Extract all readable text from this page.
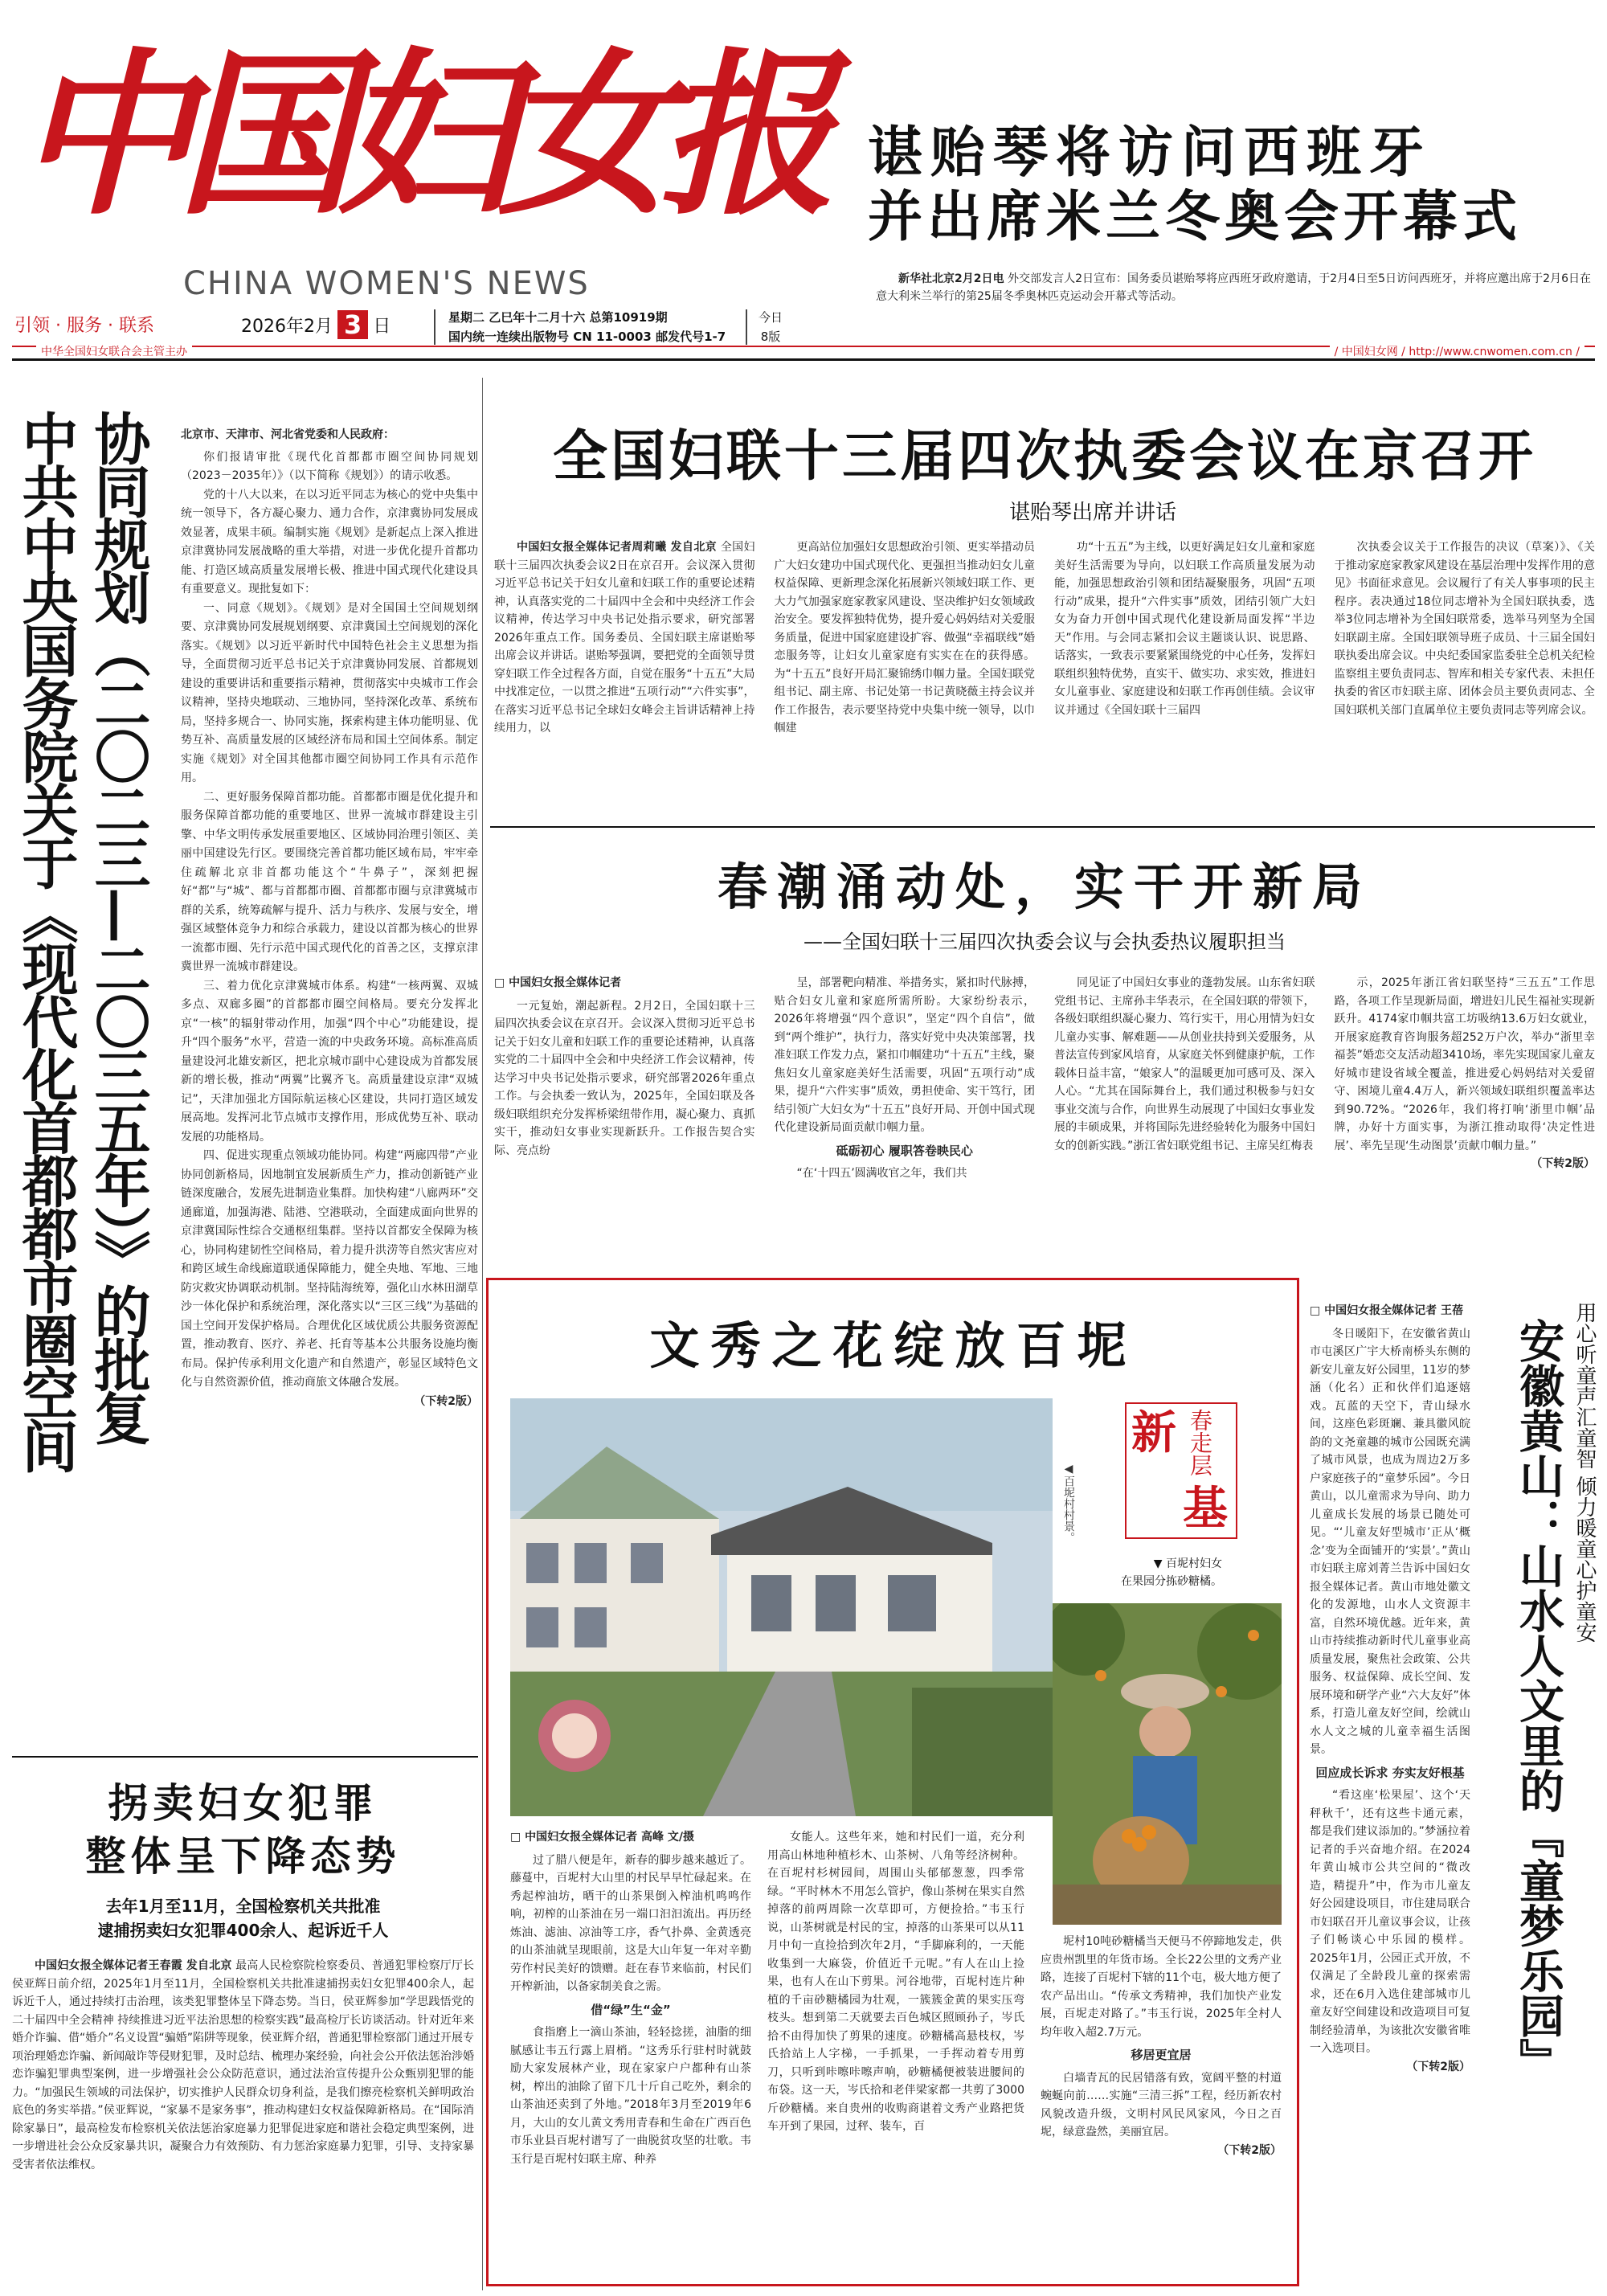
中国妇女报
CHINA WOMEN'S NEWS
引领 · 服务 · 联系	2026年2月 3 日	星期二 乙巳年十二月十六 总第10919期
国内统一连续出版物号 CN 11-0003 邮发代号1-7
今日
8版
中华全国妇女联合会主管主办	/ 中国妇女网 / http://www.cnwomen.com.cn /
谌贻琴将访问西班牙
并出席米兰冬奥会开幕式
新华社北京2月2日电 外交部发言人2日宣布：国务委员谌贻琴将应西班牙政府邀请，于2月4日至5日访问西班牙，并将应邀出席于2月6日在意大利米兰举行的第25届冬季奥林匹克运动会开幕式等活动。
中共中央国务院关于《现代化首都都市圈空间 协同规划（二〇二三—二〇三五年）》的批复	北京市、天津市、河北省党委和人民政府：

你们报请审批《现代化首都都市圈空间协同规划（2023－2035年）》（以下简称《规划》）的请示收悉。

党的十八大以来，在以习近平同志为核心的党中央集中统一领导下，各方凝心聚力、通力合作，京津冀协同发展成效显著，成果丰硕。编制实施《规划》是新起点上深入推进京津冀协同发展战略的重大举措，对进一步优化提升首都功能、打造区域高质量发展增长极、推进中国式现代化建设具有重要意义。现批复如下：

一、同意《规划》。《规划》是对全国国土空间规划纲要、京津冀协同发展规划纲要、京津冀国土空间规划的深化落实。《规划》以习近平新时代中国特色社会主义思想为指导，全面贯彻习近平总书记关于京津冀协同发展、首都规划建设的重要讲话和重要指示精神，贯彻落实中央城市工作会议精神，坚持央地联动、三地协同，坚持深化改革、系统布局，坚持多规合一、协同实施，探索构建主体功能明显、优势互补、高质量发展的区域经济布局和国土空间体系。制定实施《规划》对全国其他都市圈空间协同工作具有示范作用。

二、更好服务保障首都功能。首都都市圈是优化提升和服务保障首都功能的重要地区、世界一流城市群建设主引擎、中华文明传承发展重要地区、区域协同治理引领区、美丽中国建设先行区。要围绕完善首都功能区域布局，牢牢牵住疏解北京非首都功能这个“牛鼻子”，深刻把握好“都”与“城”、都与首都都市圈、首都都市圈与京津冀城市群的关系，统筹疏解与提升、活力与秩序、发展与安全，增强区域整体竞争力和综合承载力，建设以首都为核心的世界一流都市圈、先行示范中国式现代化的首善之区，支撑京津冀世界一流城市群建设。

三、着力优化京津冀城市体系。构建“一核两翼、双城多点、双廊多圈”的首都都市圈空间格局。要充分发挥北京“一核”的辐射带动作用，加强“四个中心”功能建设，提升“四个服务”水平，营造一流的中央政务环境。高标准高质量建设河北雄安新区，把北京城市副中心建设成为首都发展新的增长极，推动“两翼”比翼齐飞。高质量建设京津“双城记”，天津加强北方国际航运核心区建设，共同打造区域发展高地。发挥河北节点城市支撑作用，形成优势互补、联动发展的功能格局。

四、促进实现重点领域功能协同。构建“两廊四带”产业协同创新格局，因地制宜发展新质生产力，推动创新链产业链深度融合，发展先进制造业集群。加快构建“八廊两环”交通廊道，加强海港、陆港、空港联动，全面建成面向世界的京津冀国际性综合交通枢纽集群。坚持以首都安全保障为核心，协同构建韧性空间格局，着力提升洪涝等自然灾害应对和跨区域生命线廊道联通保障能力，健全央地、军地、三地防灾救灾协调联动机制。坚持陆海统筹，强化山水林田湖草沙一体化保护和系统治理，深化落实以“三区三线”为基础的国土空间开发保护格局。合理优化区域优质公共服务资源配置，推动教育、医疗、养老、托育等基本公共服务设施均衡布局。保护传承利用文化遗产和自然遗产，彰显区域特色文化与自然资源价值，推动商旅文体融合发展。

（下转2版）
全国妇联十三届四次执委会议在京召开
谌贻琴出席并讲话

中国妇女报全媒体记者周莉曦 发自北京 全国妇联十三届四次执委会议2日在京召开。会议深入贯彻习近平总书记关于妇女儿童和妇联工作的重要论述精神，认真落实党的二十届四中全会和中央经济工作会议精神，传达学习中央书记处指示要求，研究部署2026年重点工作。国务委员、全国妇联主席谌贻琴出席会议并讲话。谌贻琴强调，要把党的全面领导贯穿妇联工作全过程各方面，自觉在服务“十五五”大局中找准定位，一以贯之推进“五项行动”“六件实事”，在落实习近平总书记全球妇女峰会主旨讲话精神上持续用力，以

更高站位加强妇女思想政治引领、更实举措动员广大妇女建功中国式现代化、更强担当推动妇女儿童权益保障、更新理念深化拓展新兴领域妇联工作、更大力气加强家庭家教家风建设、坚决维护妇女领域政治安全。要发挥独特优势，提升爱心妈妈结对关爱服务质量，促进中国家庭建设扩容、做强“幸福联线”婚恋服务等，让妇女儿童家庭有实实在在的获得感。为“十五五”良好开局汇聚锦绣巾帼力量。全国妇联党组书记、副主席、书记处第一书记黄晓薇主持会议并作工作报告，表示要坚持党中央集中统一领导，以巾帼建

功“十五五”为主线，以更好满足妇女儿童和家庭美好生活需要为导向，以妇联工作高质量发展为动能，加强思想政治引领和团结凝聚服务，巩固“五项行动”成果，提升“六件实事”质效，团结引领广大妇女为奋力开创中国式现代化建设新局面发挥“半边天”作用。与会同志紧扣会议主题谈认识、说思路、话落实，一致表示要紧紧围绕党的中心任务，发挥妇联组织独特优势，直实干、做实功、求实效，推进妇女儿童事业、家庭建设和妇联工作再创佳绩。会议审议并通过《全国妇联十三届四

次执委会议关于工作报告的决议（草案）》、《关于推动家庭家教家风建设在基层治理中发挥作用的意见》书面征求意见。会议履行了有关人事事项的民主程序。表决通过18位同志增补为全国妇联执委，选举3位同志增补为全国妇联常委，选举马列坚为全国妇联副主席。全国妇联领导班子成员、十三届全国妇联执委出席会议。中央纪委国家监委驻全总机关纪检监察组主要负责同志、智库和相关专家代表、未担任执委的省区市妇联主席、团体会员主要负责同志、全国妇联机关部门直属单位主要负责同志等列席会议。

春潮涌动处，实干开新局
——全国妇联十三届四次执委会议与会执委热议履职担当
□ 中国妇女报全媒体记者

一元复始，潮起新程。2月2日，全国妇联十三届四次执委会议在京召开。会议深入贯彻习近平总书记关于妇女儿童和妇联工作的重要论述精神，认真落实党的二十届四中全会和中央经济工作会议精神，传达学习中央书记处指示要求，研究部署2026年重点工作。与会执委一致认为，2025年，全国妇联及各级妇联组织充分发挥桥梁纽带作用，凝心聚力、真抓实干，推动妇女事业实现新跃升。工作报告契合实际、亮点纷

呈，部署靶向精准、举措务实，紧扣时代脉搏，贴合妇女儿童和家庭所需所盼。大家纷纷表示，2026年将增强“四个意识”，坚定“四个自信”，做到“两个维护”，执行力，落实好党中央决策部署，找准妇联工作发力点，紧扣巾帼建功“十五五”主线，聚焦妇女儿童家庭美好生活需要，巩固“五项行动”成果，提升“六件实事”质效，勇担使命、实干笃行，团结引领广大妇女为“十五五”良好开局、开创中国式现代化建设新局面贡献巾帼力量。

砥砺初心 履职答卷映民心

“在‘十四五’圆满收官之年，我们共

同见证了中国妇女事业的蓬勃发展。山东省妇联党组书记、主席孙丰华表示，在全国妇联的带领下，各级妇联组织凝心聚力、笃行实干，用心用情为妇女儿童办实事、解难题——从创业扶持到关爱服务，从普法宣传到家风培育，从家庭关怀到健康护航，工作载体日益丰富，“娘家人”的温暖更加可感可及、深入人心。“尤其在国际舞台上，我们通过积极参与妇女事业交流与合作，向世界生动展现了中国妇女事业发展的丰硕成果，并将国际先进经验转化为服务中国妇女的创新实践。”浙江省妇联党组书记、主席吴红梅表

示，2025年浙江省妇联坚持“三五五”工作思路，各项工作呈现新局面，增进妇儿民生福祉实现新跃升。4174家巾帼共富工坊吸纳13.6万妇女就业，开展家庭教育咨询服务超252万户次，举办“浙里幸福荟”婚恋交友活动超3410场，率先实现国家儿童友好城市建设省域全覆盖，推进爱心妈妈结对关爱留守、困境儿童4.4万人，新兴领域妇联组织覆盖率达到90.72%。“2026年，我们将打响‘浙里巾帼’品牌，办好十方面实事，为浙江推动取得‘决定性进展’、率先呈现‘生动图景’贡献巾帼力量。”

（下转2版）
文秀之花绽放百坭
新
基
春走层
◀百坭村村景。
▼ 百坭村妇女
在果园分拣砂糖橘。
□ 中国妇女报全媒体记者 高峰 文/摄

过了腊八便是年，新春的脚步越来越近了。藤蔓中，百坭村大山里的村民早早忙碌起来。在秀起榨油坊，晒干的山茶果倒入榨油机鸣鸣作响，初榨的山茶油在另一端口汩汩流出。再历经炼油、滤油、凉油等工序，香气扑鼻、金黄透亮的山茶油就呈现眼前，这是大山年复一年对辛勤劳作村民美好的馈赠。赶在春节来临前，村民们开榨新油，以备家制美食之需。

借“绿”生“金”

食指磨上一滴山茶油，轻轻捻搓，油脂的细腻感让韦五行露上眉梢。“这秀乐行驻村时就鼓励大家发展林产业，现在家家户户都种有山茶树，榨出的油除了留下几十斤自己吃外，剩余的山茶油还卖到了外地。”2018年3月至2019年6月，大山的女儿黄文秀用青春和生命在广西百色市乐业县百坭村谱写了一曲脱贫攻坚的壮歌。韦玉行是百坭村妇联主席、种养

女能人。这些年来，她和村民们一道，充分利用高山林地种植杉木、山茶树、八角等经济树种。在百坭村杉树园间，周围山头郁郁葱葱，四季常绿。“平时林木不用怎么管护，像山茶树在果实自然掉落的前两周除一次草即可，方便捡拾。”韦玉行说，山茶树就是村民的宝，掉落的山茶果可以从11月中旬一直捡拾到次年2月，“手脚麻利的，一天能收集到一大麻袋，价值近千元呢。”有人在山上捡果，也有人在山下剪果。河谷地带，百坭村连片种植的千亩砂糖橘园为壮观，一簇簇金黄的果实压弯枝头。想到第二天就要去百色城区照顾孙子，岑氏拾不由得加快了剪果的速度。砂糖橘高悬枝权，岑氏拾站上人字梯，一手抓果，一手挥动着专用剪刀，只听到咔嚓咔嚓声响，砂糖橘便被装进腰间的布袋。这一天，岑氏拾和老伴梁家都一共剪了3000斤砂糖橘。来自贵州的收购商谌着文秀产业路把货车开到了果园，过秤、装车，百

坭村10吨砂糖橘当天便马不停蹄地发走，供应贵州凯里的年货市场。全长22公里的文秀产业路，连接了百坭村下辖的11个屯，极大地方便了农产品出山。“传承文秀精神，我们加快产业发展，百坭走对路了。”韦玉行说，2025年全村人均年收入超2.7万元。

移居更宜居

白墙青瓦的民居错落有致，宽阔平整的村道蜿蜒向前……实施“三清三拆”工程，经历新农村风貌改造升级，文明村风民风家风，今日之百坭，绿意盎然，美丽宜居。

（下转2版）
用心听童声汇童智 倾力暖童心护童安
安徽黄山：山水人文里的『童梦乐园』
□ 中国妇女报全媒体记者 王蓓

冬日暖阳下，在安徽省黄山市屯溪区广宇大桥南桥头东侧的新安儿童友好公园里，11岁的梦涵（化名）正和伙伴们追逐嬉戏。瓦蓝的天空下，青山绿水间，这座色彩斑斓、兼具徽风皖韵的文尧童趣的城市公园既充满了城市风景，也成为周边2万多户家庭孩子的“童梦乐园”。今日黄山，以儿童需求为导向、助力儿童成长发展的场景已随处可见。“‘儿童友好型城市’正从‘概念’变为全面铺开的‘实景’。”黄山市妇联主席刘菁兰告诉中国妇女报全媒体记者。黄山市地处徽文化的发源地，山水人文资源丰富，自然环境优越。近年来，黄山市持续推动新时代儿童事业高质量发展，聚焦社会政策、公共服务、权益保障、成长空间、发展环境和研学产业“六大友好”体系，打造儿童友好空间，绘就山水人文之城的儿童幸福生活图景。

回应成长诉求 夯实友好根基

“看这座‘松果屋’、这个‘天秤秋千’，还有这些卡通元素，都是我们建议添加的。”梦涵拉着记者的手兴奋地介绍。在2024年黄山城市公共空间的“微改造，精提升”中，作为市儿童友好公园建设项目，市住建局联合市妇联召开儿童议事会议，让孩子们畅谈心中乐园的模样。2025年1月，公园正式开放，不仅满足了全龄段儿童的探索需求，还在6月入选住建部城市儿童友好空间建设和改造项目可复制经验清单，为该批次安徽省唯一入选项目。

（下转2版）
拐卖妇女犯罪
整体呈下降态势
去年1月至11月，全国检察机关共批准
逮捕拐卖妇女犯罪400余人、起诉近千人

中国妇女报全媒体记者王春霞 发自北京 最高人民检察院检察委员、普通犯罪检察厅厅长侯亚辉日前介绍，2025年1月至11月，全国检察机关共批准逮捕拐卖妇女犯罪400余人，起诉近千人，通过持续打击治理，该类犯罪整体呈下降态势。当日，侯亚辉参加“学思践悟党的二十届四中全会精神 持续推进习近平法治思想的检察实践”最高检厅长访谈活动。针对近年来婚介诈骗、借“婚介”名义设置“骗婚”陷阱等现象，侯亚辉介绍，普通犯罪检察部门通过开展专项治理婚恋诈骗、新闻敲诈等侵财犯罪，及时总结、梳理办案经验，向社会公开依法惩治涉婚恋诈骗犯罪典型案例，进一步增强社会公众防范意识，通过法治宣传提升公众甄别犯罪的能力。“加强民生领域的司法保护，切实推护人民群众切身利益，是我们擦亮检察机关鲜明政治底色的务实举措。”侯亚辉说，“家暴不是家务事”，推动构建妇女权益保障新格局。在“国际消除家暴日”，最高检发布检察机关依法惩治家庭暴力犯罪促进家庭和谐社会稳定典型案例，进一步增进社会公众反家暴共识，凝聚合力有效预防、有力惩治家庭暴力犯罪，引导、支持家暴受害者依法维权。
